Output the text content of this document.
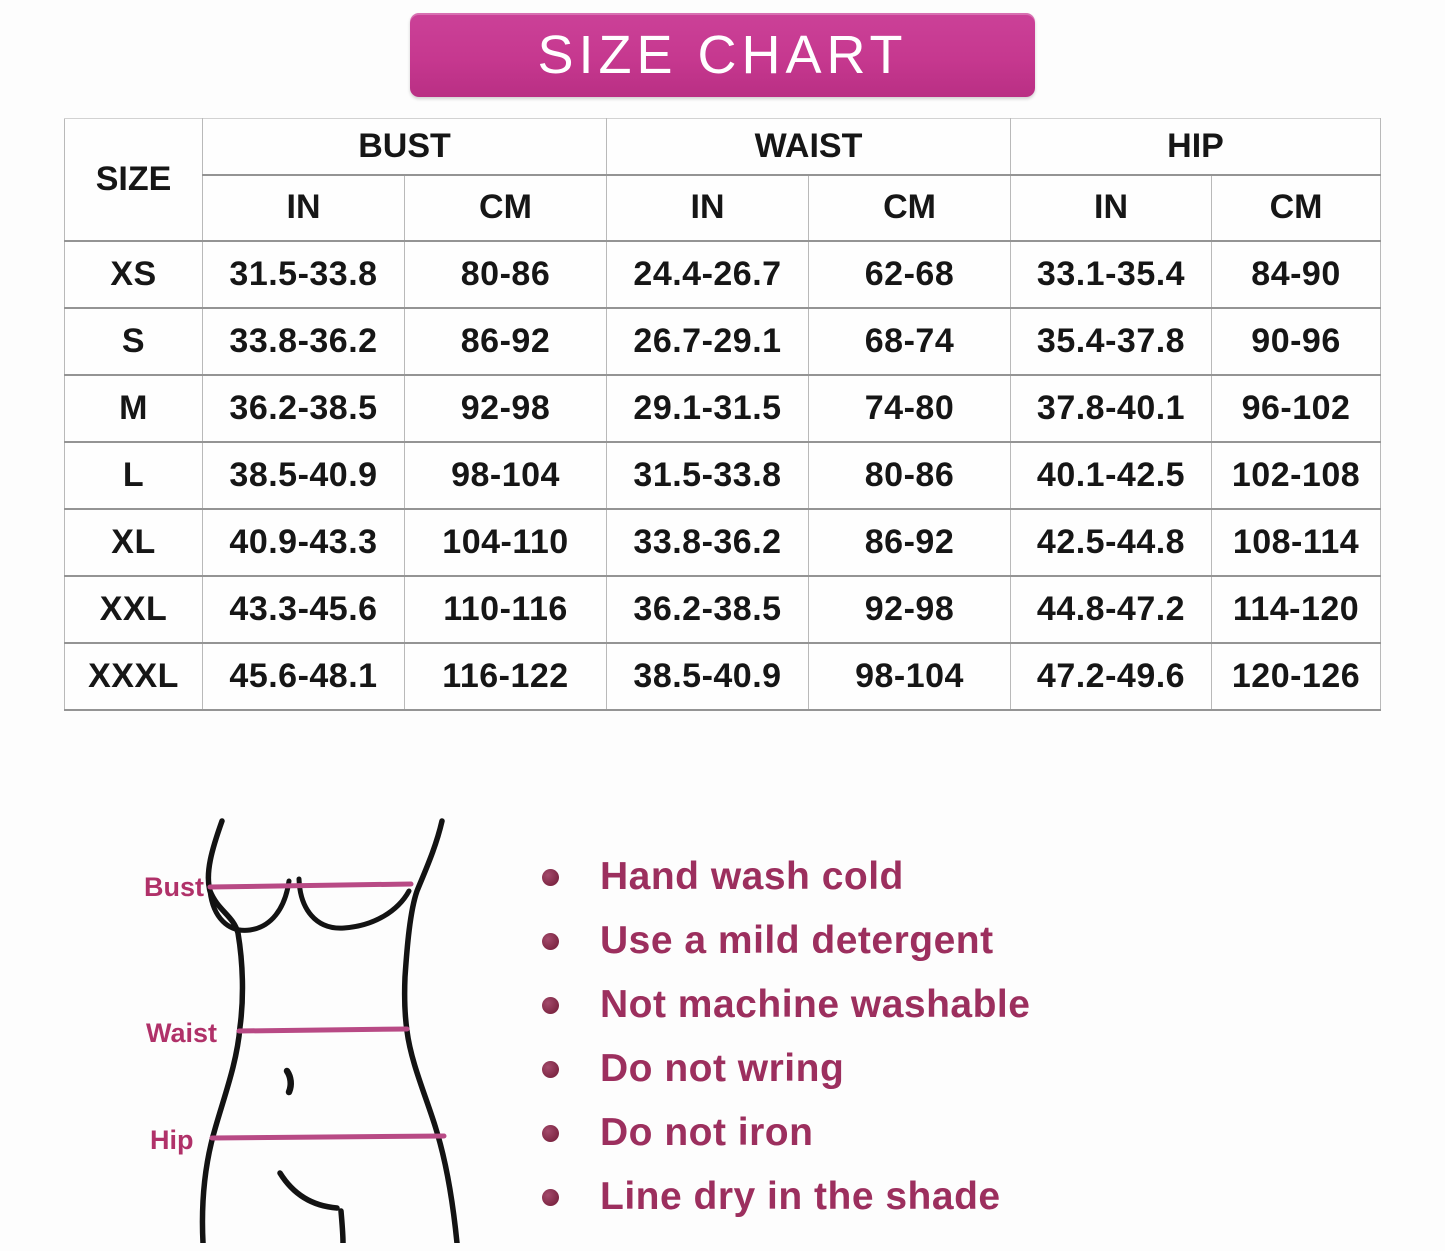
SIZE CHART
SIZE	BUST		WAIST		HIP	
	IN	CM	IN	CM	IN	CM
XS	31.5-33.8	80-86	24.4-26.7	62-68	33.1-35.4	84-90
S	33.8-36.2	86-92	26.7-29.1	68-74	35.4-37.8	90-96
M	36.2-38.5	92-98	29.1-31.5	74-80	37.8-40.1	96-102
L	38.5-40.9	98-104	31.5-33.8	80-86	40.1-42.5	102-108
XL	40.9-43.3	104-110	33.8-36.2	86-92	42.5-44.8	108-114
XXL	43.3-45.6	110-116	36.2-38.5	92-98	44.8-47.2	114-120
XXXL	45.6-48.1	116-122	38.5-40.9	98-104	47.2-49.6	120-126
Bust
Waist
Hip
Hand wash cold
Use a mild detergent
Not machine washable
Do not wring
Do not iron
Line dry in the shade
